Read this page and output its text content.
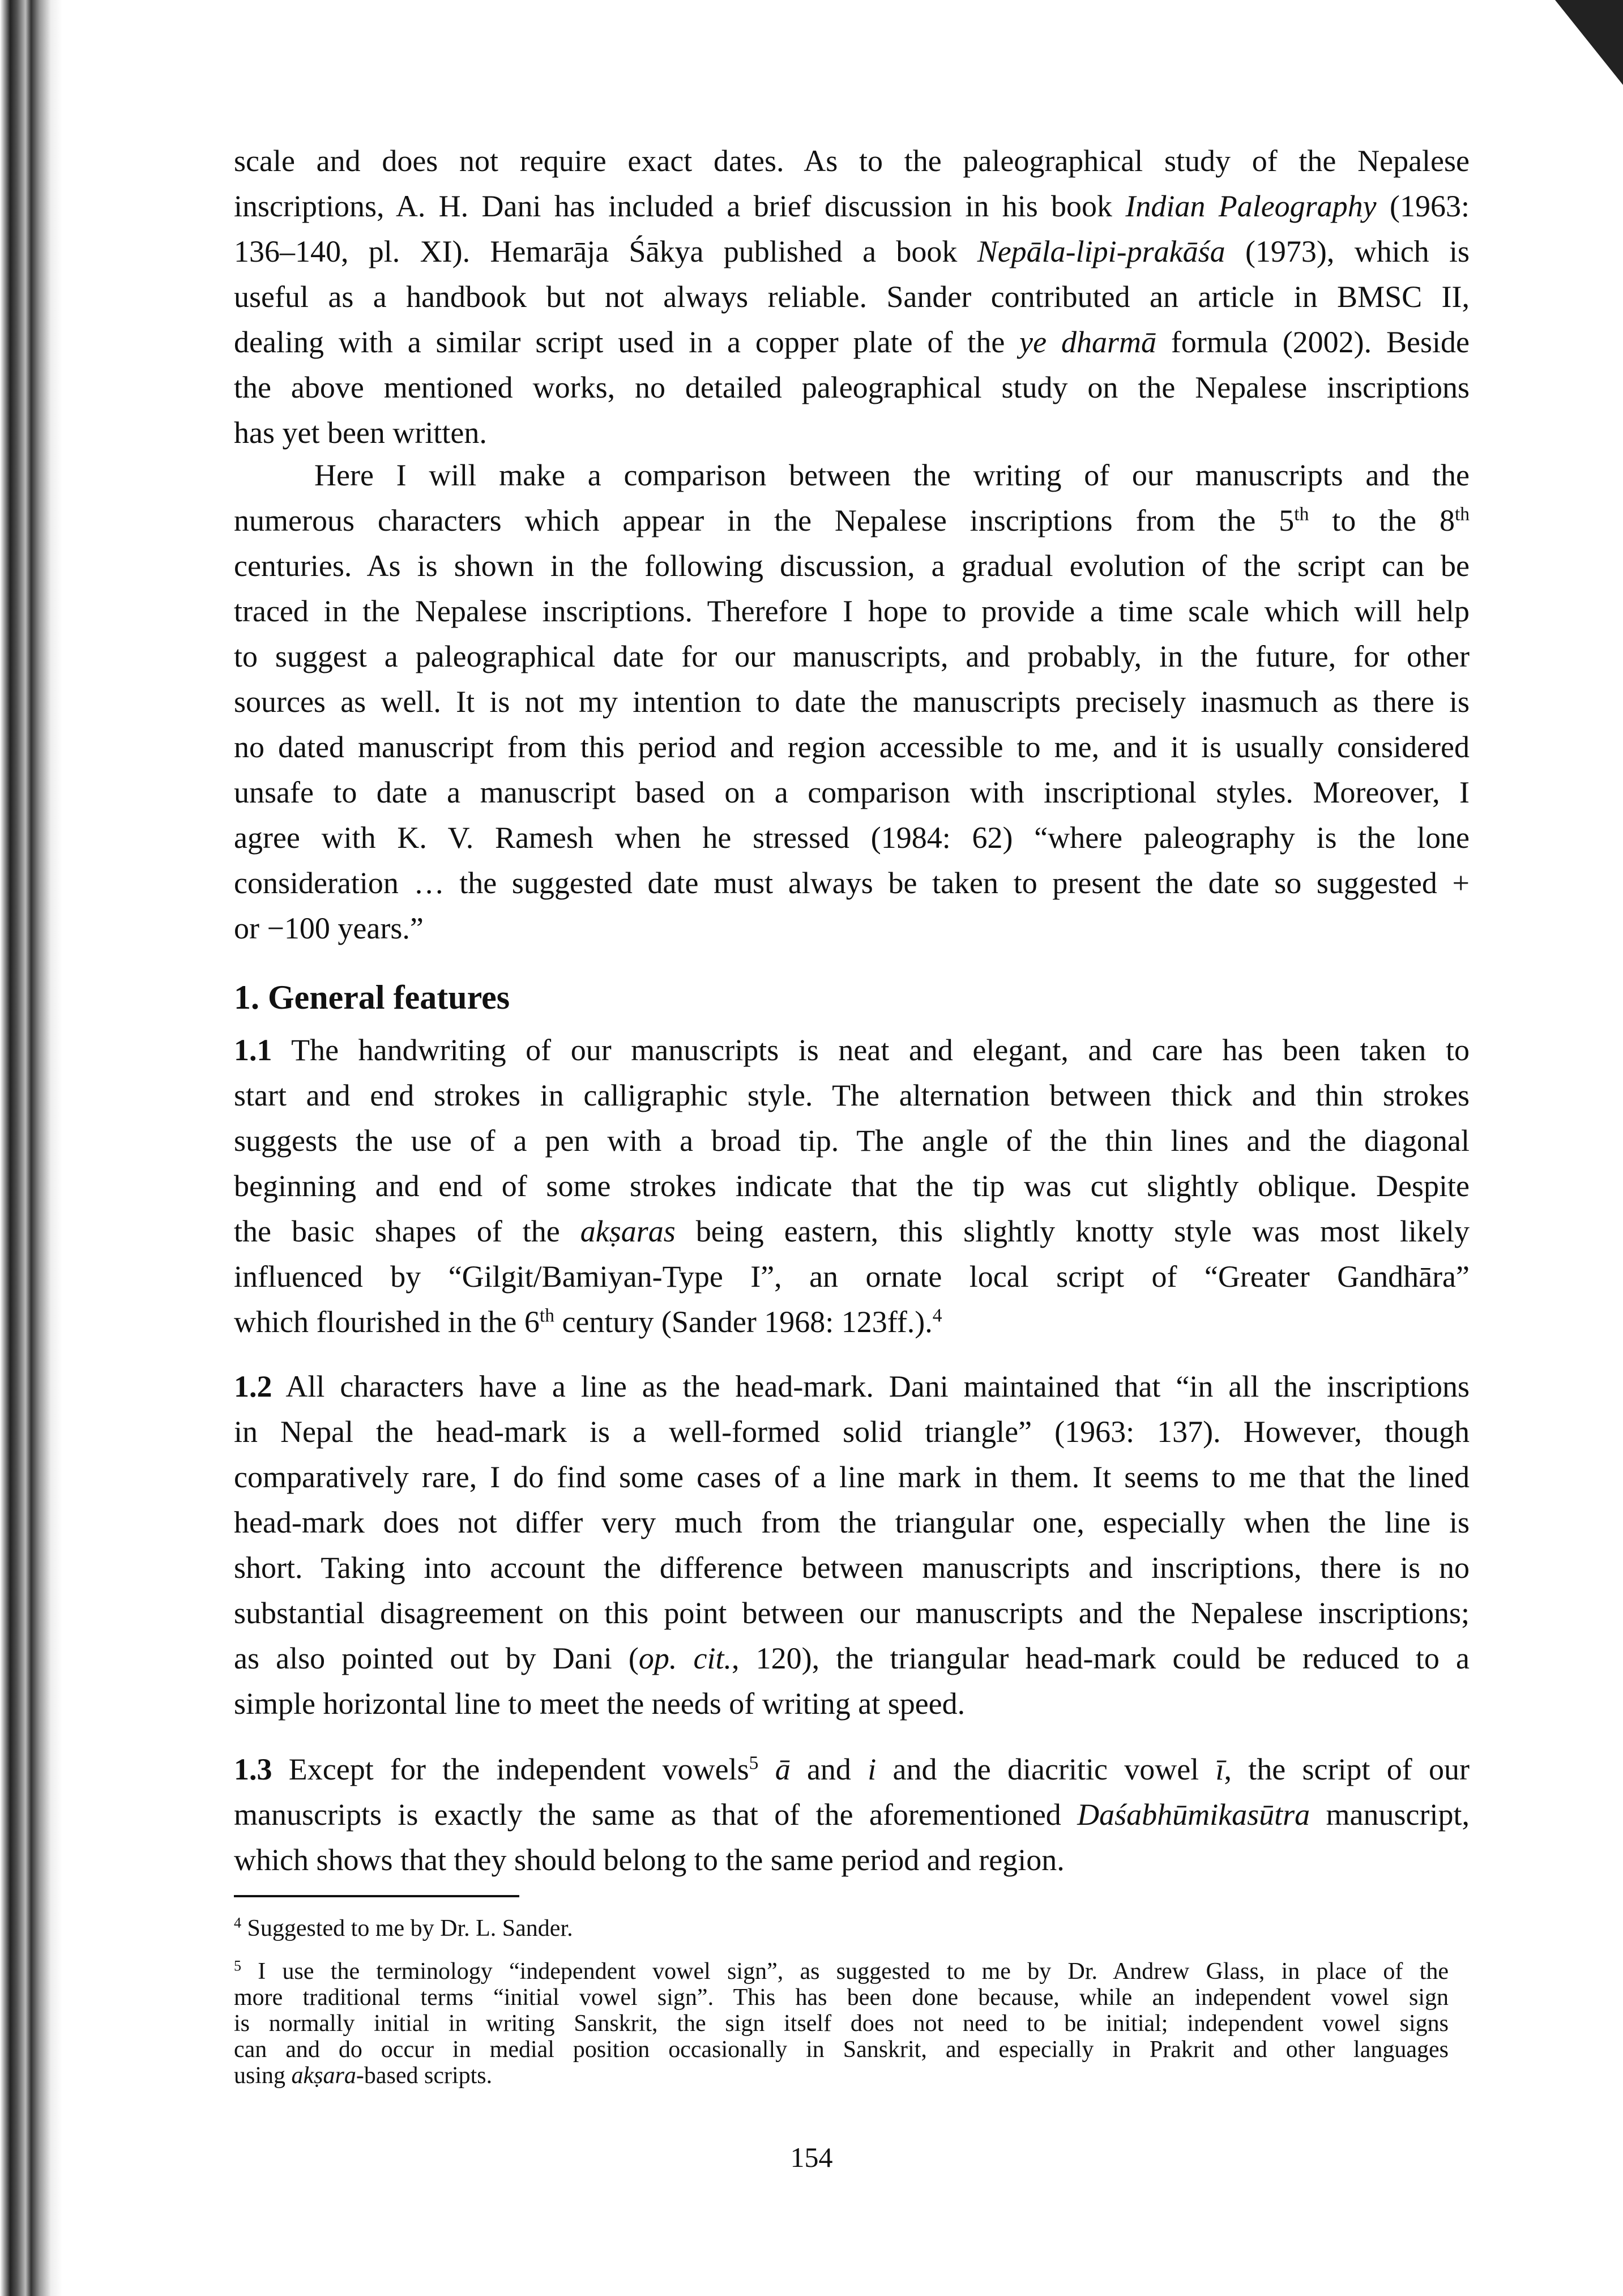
scale and does not require exact dates. As to the paleographical study of the Nepalese
inscriptions, A. H. Dani has included a brief discussion in his book Indian Paleography (1963:
136–140, pl. XI). Hemarāja Śākya published a book Nepāla-lipi-prakāśa (1973), which is
useful as a handbook but not always reliable. Sander contributed an article in BMSC II,
dealing with a similar script used in a copper plate of the ye dharmā formula (2002). Beside
the above mentioned works, no detailed paleographical study on the Nepalese inscriptions
has yet been written.
Here I will make a comparison between the writing of our manuscripts and the
numerous characters which appear in the Nepalese inscriptions from the 5th to the 8th
centuries. As is shown in the following discussion, a gradual evolution of the script can be
traced in the Nepalese inscriptions. Therefore I hope to provide a time scale which will help
to suggest a paleographical date for our manuscripts, and probably, in the future, for other
sources as well. It is not my intention to date the manuscripts precisely inasmuch as there is
no dated manuscript from this period and region accessible to me, and it is usually considered
unsafe to date a manuscript based on a comparison with inscriptional styles. Moreover, I
agree with K. V. Ramesh when he stressed (1984: 62) “where paleography is the lone
consideration … the suggested date must always be taken to present the date so suggested +
or −100 years.”
1. General features
1.1 The handwriting of our manuscripts is neat and elegant, and care has been taken to
start and end strokes in calligraphic style. The alternation between thick and thin strokes
suggests the use of a pen with a broad tip. The angle of the thin lines and the diagonal
beginning and end of some strokes indicate that the tip was cut slightly oblique. Despite
the basic shapes of the akṣaras being eastern, this slightly knotty style was most likely
influenced by “Gilgit/Bamiyan-Type I”, an ornate local script of “Greater Gandhāra”
which flourished in the 6th century (Sander 1968: 123ff.).$^4$
1.2 All characters have a line as the head-mark. Dani maintained that “in all the inscriptions
in Nepal the head-mark is a well-formed solid triangle” (1963: 137). However, though
comparatively rare, I do find some cases of a line mark in them. It seems to me that the lined
head-mark does not differ very much from the triangular one, especially when the line is
short. Taking into account the difference between manuscripts and inscriptions, there is no
substantial disagreement on this point between our manuscripts and the Nepalese inscriptions;
as also pointed out by Dani (op. cit., 120), the triangular head-mark could be reduced to a
simple horizontal line to meet the needs of writing at speed.
1.3 Except for the independent vowels$^5$ ā and i and the diacritic vowel ī, the script of our
manuscripts is exactly the same as that of the aforementioned Daśabhūmikasūtra manuscript,
which shows that they should belong to the same period and region.
$^4$ Suggested to me by Dr. L. Sander.
$^5$ I use the terminology “independent vowel sign”, as suggested to me by Dr. Andrew Glass, in place of the
more traditional terms “initial vowel sign”. This has been done because, while an independent vowel sign
is normally initial in writing Sanskrit, the sign itself does not need to be initial; independent vowel signs
can and do occur in medial position occasionally in Sanskrit, and especially in Prakrit and other languages
using akṣara-based scripts.
154
